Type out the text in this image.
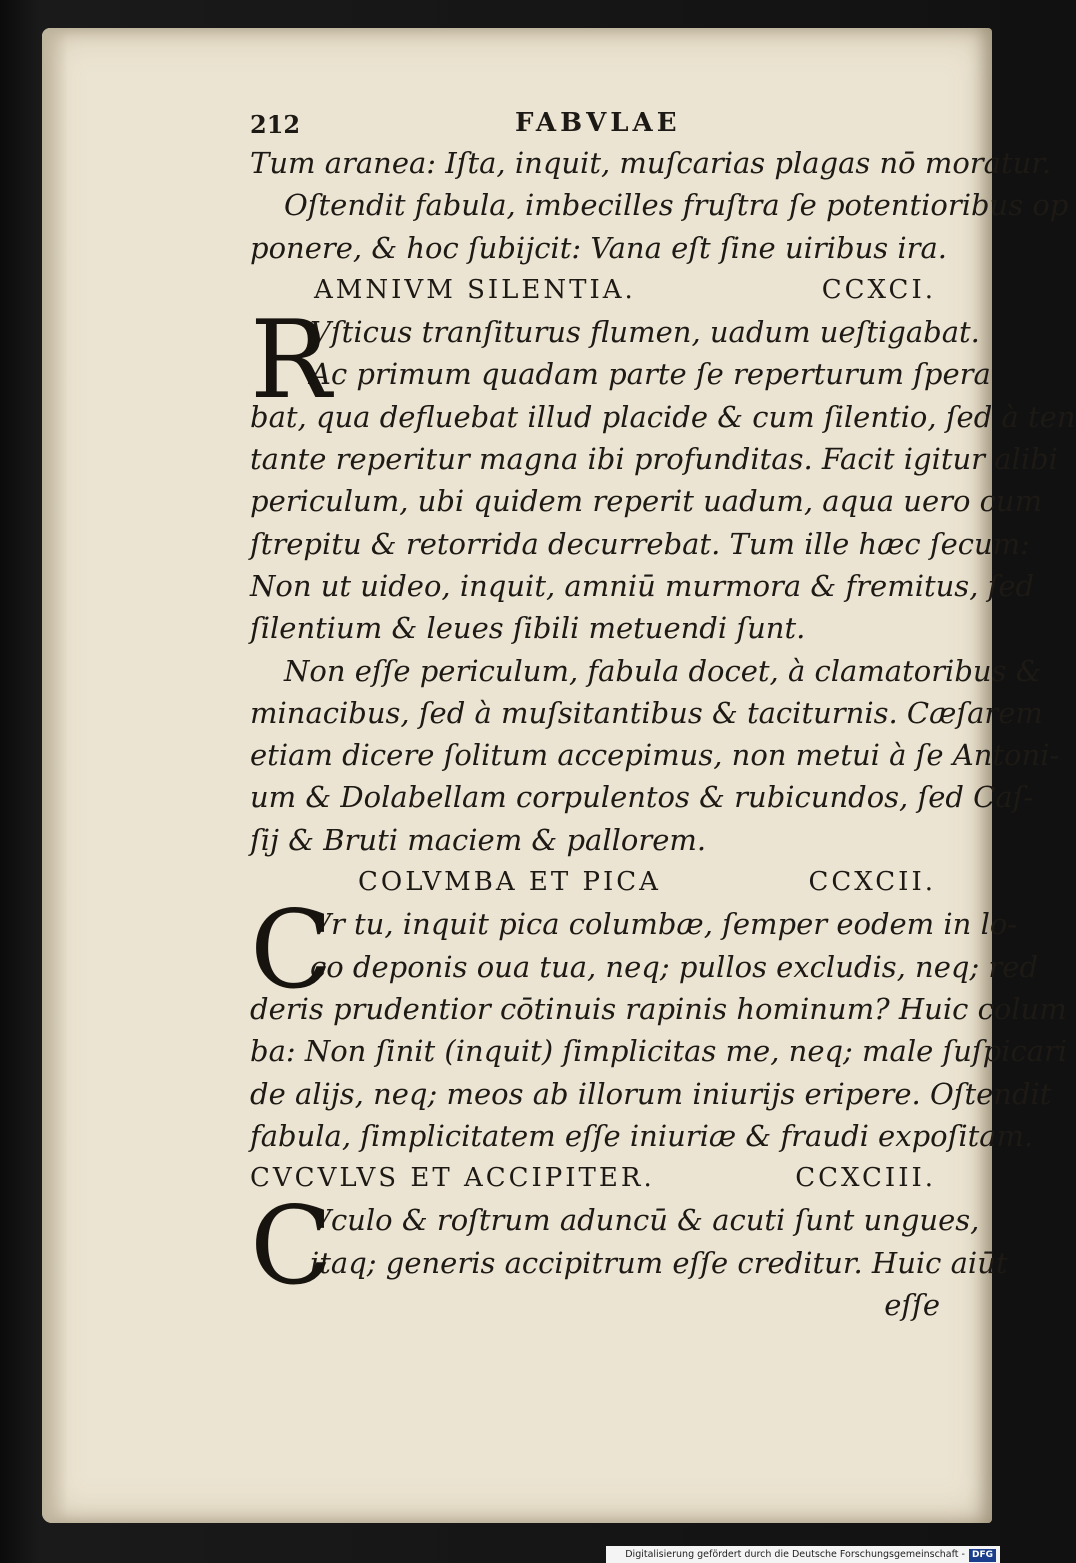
212	FABVLAE
Tum aranea: Iſta, inquit, muſcarias plagas nō moratur.
Oſtendit fabula, imbecilles fruſtra ſe potentioribus op
ponere, & hoc ſubijcit: Vana eſt ſine uiribus ira.
AMNIVM SILENTIA.	CCXCI.
R
Vſticus tranſiturus flumen, uadum ueſtigabat.
Ac primum quadam parte ſe reperturum ſpera
bat, qua defluebat illud placide & cum ſilentio, ſed à ten
tante reperitur magna ibi profunditas. Facit igitur alibi
periculum, ubi quidem reperit uadum, aqua uero cum
ſtrepitu & retorrida decurrebat. Tum ille hæc ſecum:
Non ut uideo, inquit, amniū murmora & fremitus, ſed
ſilentium & leues ſibili metuendi ſunt.
Non eſſe periculum, fabula docet, à clamatoribus &
minacibus, ſed à muſsitantibus & taciturnis. Cæſarem
etiam dicere ſolitum accepimus, non metui à ſe Antoni-
um & Dolabellam corpulentos & rubicundos, ſed Caſ-
ſij & Bruti maciem & pallorem.
COLVMBA ET PICA	CCXCII.
C
Vr tu, inquit pica columbæ, ſemper eodem in lo-
co deponis oua tua, neq; pullos excludis, neq; red
deris prudentior cōtinuis rapinis hominum? Huic colum
ba: Non ſinit (inquit) ſimplicitas me, neq; male ſuſpicari
de alijs, neq; meos ab illorum iniurijs eripere. Oſtendit
fabula, ſimplicitatem eſſe iniuriæ & fraudi expoſitam.
CVCVLVS ET ACCIPITER.	CCXCIII.
C
Vculo & roſtrum aduncū & acuti ſunt ungues,
itaq; generis accipitrum eſſe creditur. Huic aiūt
eſſe
Digitalisierung gefördert durch die Deutsche Forschungsgemeinschaft - DFG
